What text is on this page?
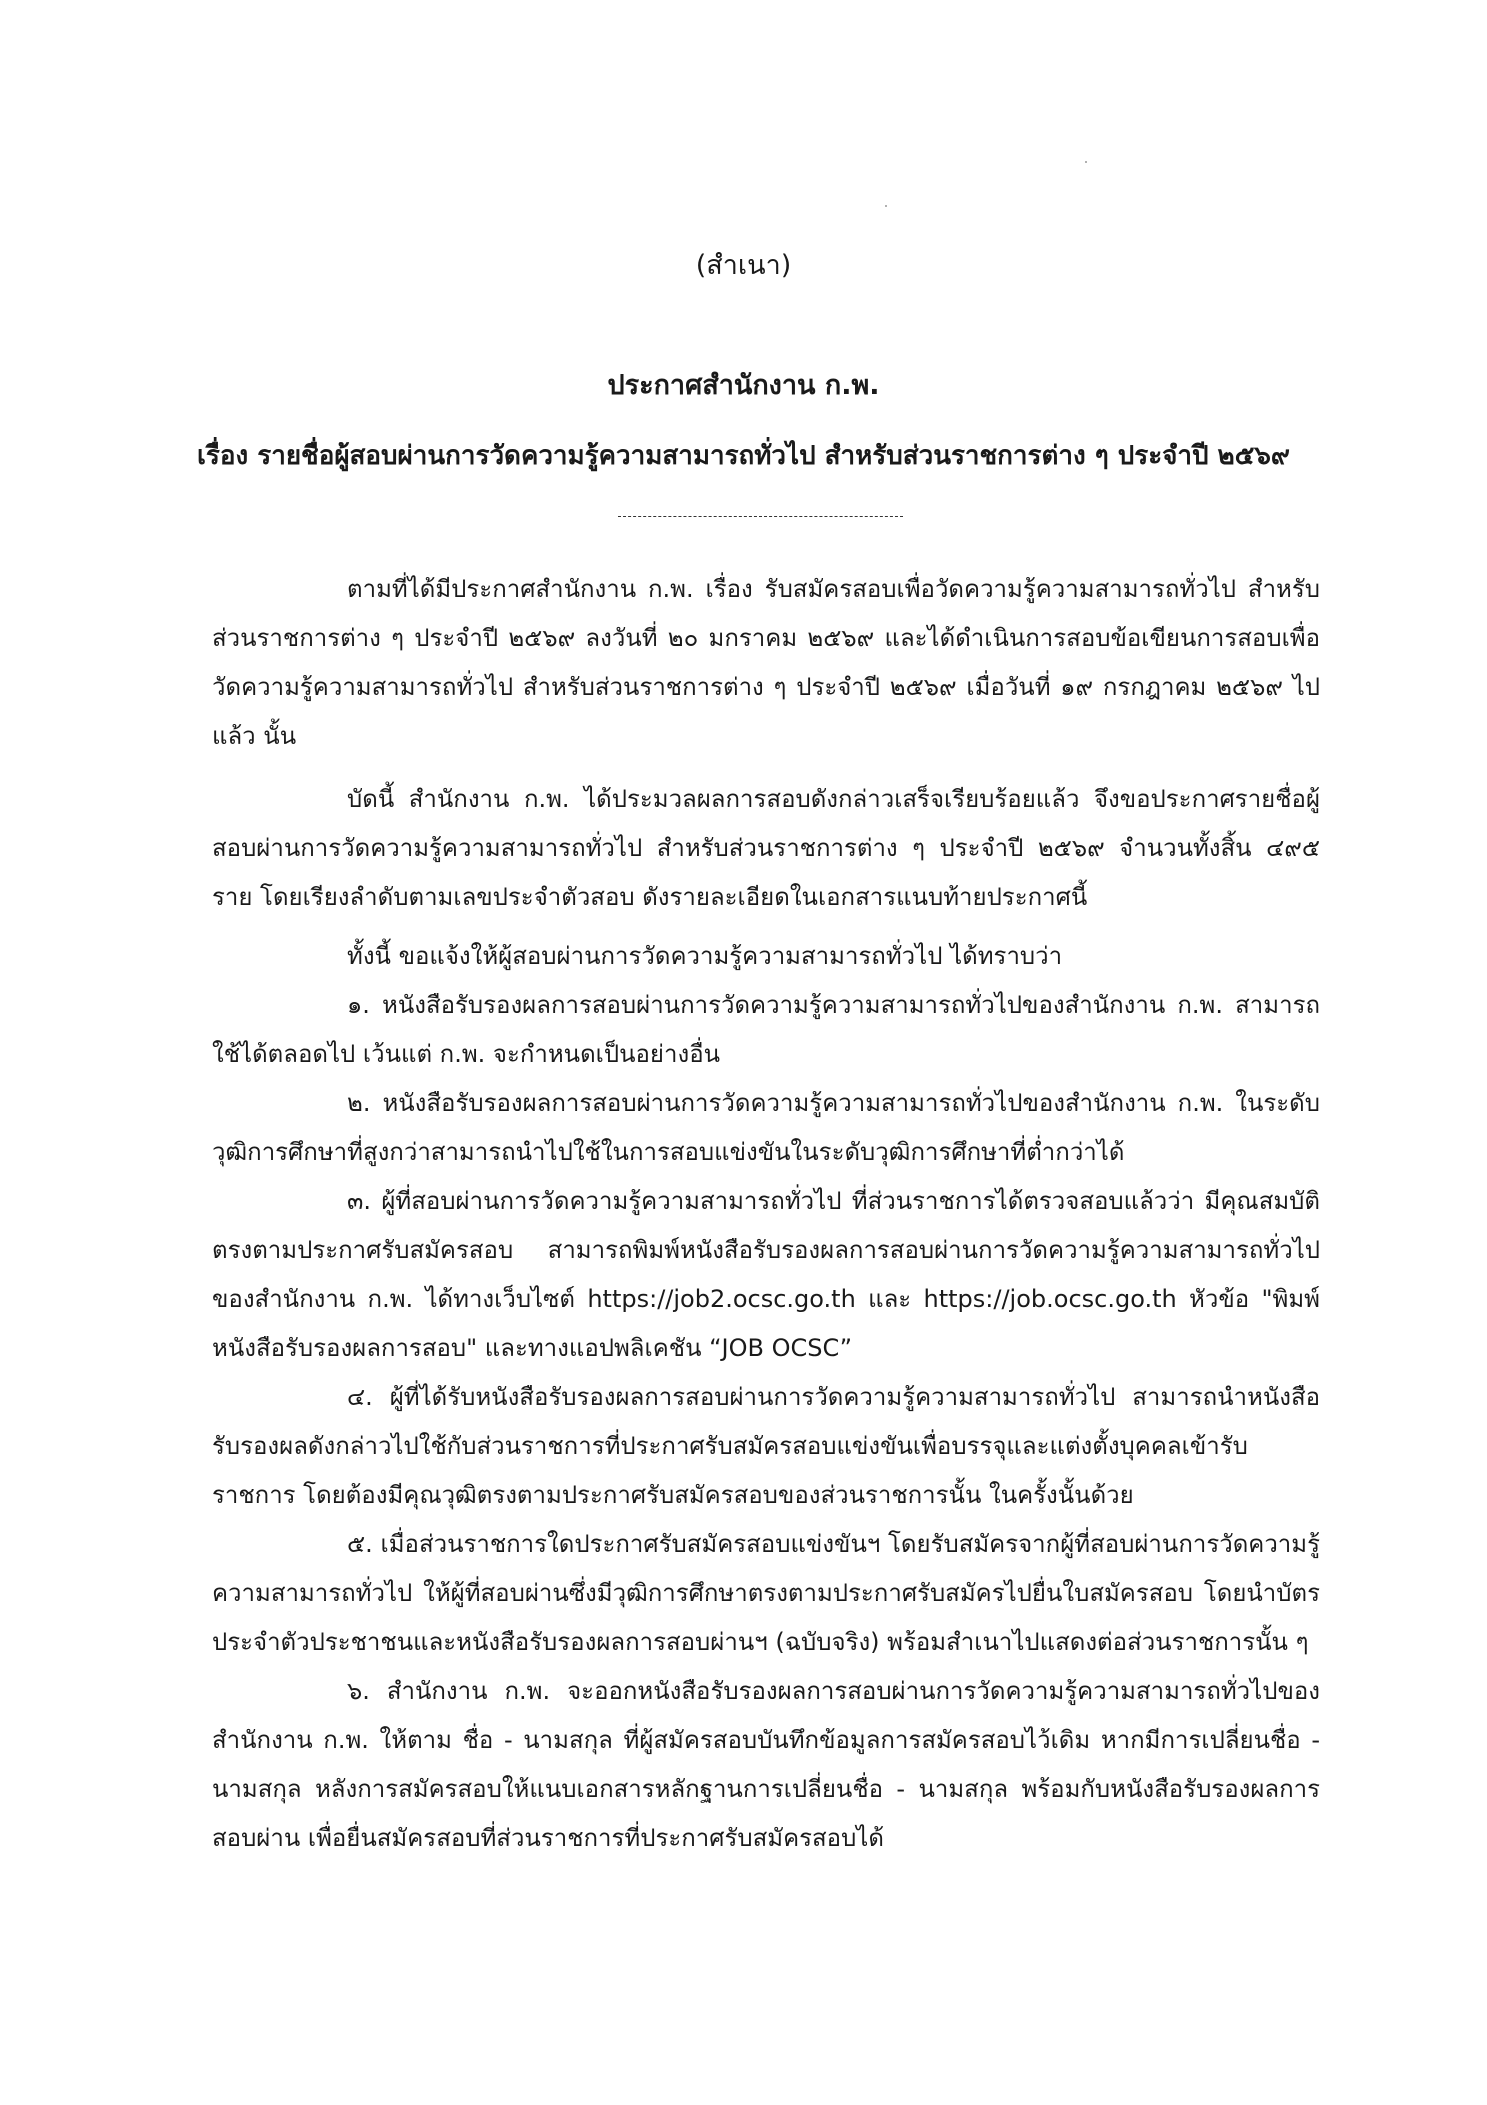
(สำเนา)
ประกาศสำนักงาน ก.พ.
เรื่อง รายชื่อผู้สอบผ่านการวัดความรู้ความสามารถทั่วไป สำหรับส่วนราชการต่าง ๆ ประจำปี ๒๕๖๙

ตามที่ได้มีประกาศสำนักงาน ก.พ. เรื่อง รับสมัครสอบเพื่อวัดความรู้ความสามารถทั่วไป สำหรับส่วนราชการต่าง ๆ ประจำปี ๒๕๖๙ ลงวันที่ ๒๐ มกราคม ๒๕๖๙ และได้ดำเนินการสอบข้อเขียนการสอบเพื่อวัดความรู้ความสามารถทั่วไป สำหรับส่วนราชการต่าง ๆ ประจำปี ๒๕๖๙ เมื่อวันที่ ๑๙ กรกฎาคม ๒๕๖๙ ไปแล้ว นั้น

บัดนี้ สำนักงาน ก.พ. ได้ประมวลผลการสอบดังกล่าวเสร็จเรียบร้อยแล้ว จึงขอประกาศรายชื่อผู้สอบผ่านการวัดความรู้ความสามารถทั่วไป สำหรับส่วนราชการต่าง ๆ ประจำปี ๒๕๖๙ จำนวนทั้งสิ้น ๔๙๕ ราย โดยเรียงลำดับตามเลขประจำตัวสอบ ดังรายละเอียดในเอกสารแนบท้ายประกาศนี้

ทั้งนี้ ขอแจ้งให้ผู้สอบผ่านการวัดความรู้ความสามารถทั่วไป ได้ทราบว่า

๑. หนังสือรับรองผลการสอบผ่านการวัดความรู้ความสามารถทั่วไปของสำนักงาน ก.พ. สามารถใช้ได้ตลอดไป เว้นแต่ ก.พ. จะกำหนดเป็นอย่างอื่น

๒. หนังสือรับรองผลการสอบผ่านการวัดความรู้ความสามารถทั่วไปของสำนักงาน ก.พ. ในระดับวุฒิการศึกษาที่สูงกว่าสามารถนำไปใช้ในการสอบแข่งขันในระดับวุฒิการศึกษาที่ต่ำกว่าได้

๓. ผู้ที่สอบผ่านการวัดความรู้ความสามารถทั่วไป ที่ส่วนราชการได้ตรวจสอบแล้วว่า มีคุณสมบัติตรงตามประกาศรับสมัครสอบ สามารถพิมพ์หนังสือรับรองผลการสอบผ่านการวัดความรู้ความสามารถทั่วไปของสำนักงาน ก.พ. ได้ทางเว็บไซต์ https://job2.ocsc.go.th และ https://job.ocsc.go.th หัวข้อ "พิมพ์หนังสือรับรองผลการสอบ" และทางแอปพลิเคชัน “JOB OCSC”

๔. ผู้ที่ได้รับหนังสือรับรองผลการสอบผ่านการวัดความรู้ความสามารถทั่วไป สามารถนำหนังสือรับรองผลดังกล่าวไปใช้กับส่วนราชการที่ประกาศรับสมัครสอบแข่งขันเพื่อบรรจุและแต่งตั้งบุคคลเข้ารับราชการ โดยต้องมีคุณวุฒิตรงตามประกาศรับสมัครสอบของส่วนราชการนั้น ในครั้งนั้นด้วย

๕. เมื่อส่วนราชการใดประกาศรับสมัครสอบแข่งขันฯ โดยรับสมัครจากผู้ที่สอบผ่านการวัดความรู้ความสามารถทั่วไป ให้ผู้ที่สอบผ่านซึ่งมีวุฒิการศึกษาตรงตามประกาศรับสมัครไปยื่นใบสมัครสอบ โดยนำบัตรประจำตัวประชาชนและหนังสือรับรองผลการสอบผ่านฯ (ฉบับจริง) พร้อมสำเนาไปแสดงต่อส่วนราชการนั้น ๆ

๖. สำนักงาน ก.พ. จะออกหนังสือรับรองผลการสอบผ่านการวัดความรู้ความสามารถทั่วไปของสำนักงาน ก.พ. ให้ตาม ชื่อ - นามสกุล ที่ผู้สมัครสอบบันทึกข้อมูลการสมัครสอบไว้เดิม หากมีการเปลี่ยนชื่อ - นามสกุล หลังการสมัครสอบให้แนบเอกสารหลักฐานการเปลี่ยนชื่อ - นามสกุล พร้อมกับหนังสือรับรองผลการสอบผ่าน เพื่อยื่นสมัครสอบที่ส่วนราชการที่ประกาศรับสมัครสอบได้
